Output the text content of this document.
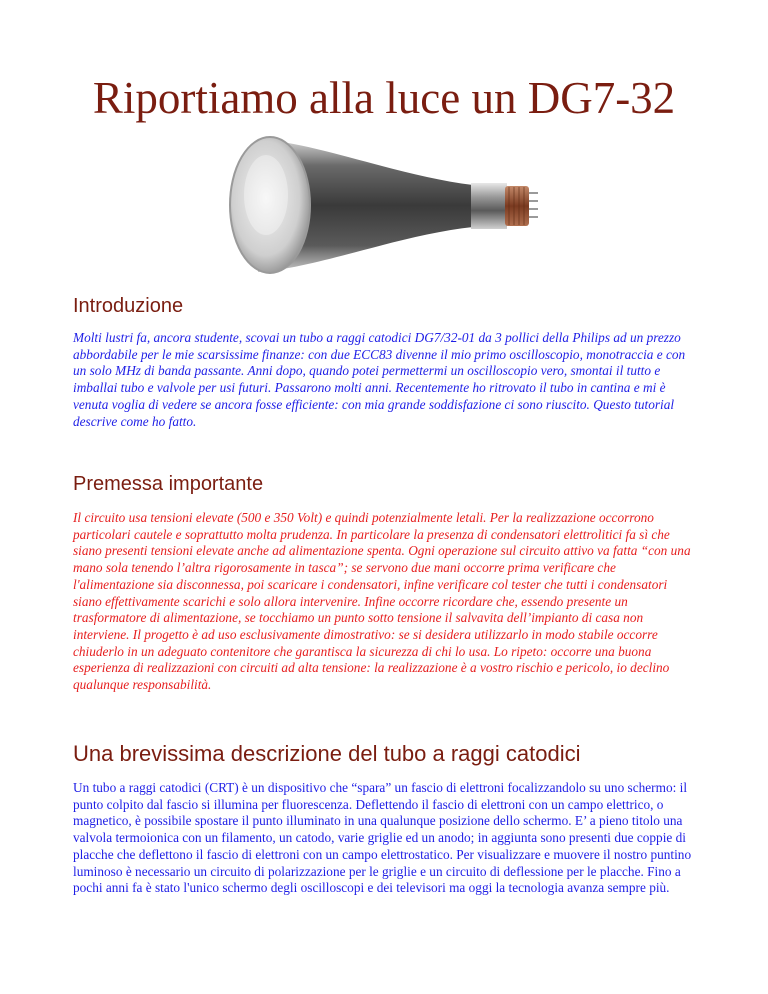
Riportiamo alla luce un DG7-32
Introduzione

Molti lustri fa, ancora studente, scovai un tubo a raggi catodici DG7/32-01 da 3 pollici della Philips ad un prezzo abbordabile per le mie scarsissime finanze: con due ECC83 divenne il mio primo oscilloscopio, monotraccia e con un solo MHz di banda passante. Anni dopo, quando potei permettermi un oscilloscopio vero, smontai il tutto e imballai tubo e valvole per usi futuri. Passarono molti anni. Recentemente ho ritrovato il tubo in cantina e mi è venuta voglia di vedere se ancora fosse efficiente: con mia grande soddisfazione ci sono riuscito. Questo tutorial descrive come ho fatto.

Premessa importante

Il circuito usa tensioni elevate (500 e 350 Volt) e quindi potenzialmente letali. Per la realizzazione occorrono particolari cautele e soprattutto molta prudenza. In particolare la presenza di condensatori elettrolitici fa sì che siano presenti tensioni elevate anche ad alimentazione spenta. Ogni operazione sul circuito attivo va fatta “con una mano sola tenendo l’altra rigorosamente in tasca”; se servono due mani occorre prima verificare che l'alimentazione sia disconnessa, poi scaricare i condensatori, infine verificare col tester che tutti i condensatori siano effettivamente scarichi e solo allora intervenire. Infine occorre ricordare che, essendo presente un trasformatore di alimentazione, se tocchiamo un punto sotto tensione il salvavita dell’impianto di casa non interviene. Il progetto è ad uso esclusivamente dimostrativo: se si desidera utilizzarlo in modo stabile occorre chiuderlo in un adeguato contenitore che garantisca la sicurezza di chi lo usa. Lo ripeto: occorre una buona esperienza di realizzazioni con circuiti ad alta tensione: la realizzazione è a vostro rischio e pericolo, io declino qualunque responsabilità.

Una brevissima descrizione del tubo a raggi catodici

Un tubo a raggi catodici (CRT) è un dispositivo che “spara” un fascio di elettroni focalizzandolo su uno schermo: il punto colpito dal fascio si illumina per fluorescenza. Deflettendo il fascio di elettroni con un campo elettrico, o magnetico, è possibile spostare il punto illuminato in una qualunque posizione dello schermo. E’ a pieno titolo una valvola termoionica con un filamento, un catodo, varie griglie ed un anodo; in aggiunta sono presenti due coppie di placche che deflettono il fascio di elettroni con un campo elettrostatico. Per visualizzare e muovere il nostro puntino luminoso è necessario un circuito di polarizzazione per le griglie e un circuito di deflessione per le placche. Fino a pochi anni fa è stato l'unico schermo degli oscilloscopi e dei televisori ma oggi la tecnologia avanza sempre più.
